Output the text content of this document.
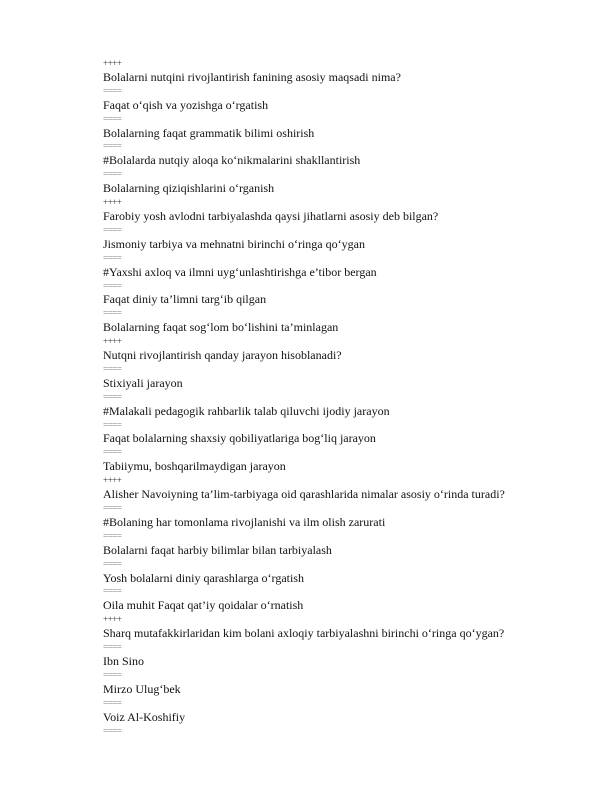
++++
Bolalarni nutqini rivojlantirish fanining asosiy maqsadi nima?
====
Faqat o‘qish va yozishga o‘rgatish
====
Bolalarning faqat grammatik bilimi oshirish
====
#Bolalarda nutqiy aloqa ko‘nikmalarini shakllantirish
====
Bolalarning qiziqishlarini o‘rganish
++++
Farobiy yosh avlodni tarbiyalashda qaysi jihatlarni asosiy deb bilgan?
====
Jismoniy tarbiya va mehnatni birinchi o‘ringa qo‘ygan
====
#Yaxshi axloq va ilmni uyg‘unlashtirishga e’tibor bergan
====
Faqat diniy ta’limni targ‘ib qilgan
====
Bolalarning faqat sog‘lom bo‘lishini ta’minlagan
++++
Nutqni rivojlantirish qanday jarayon hisoblanadi?
====
Stixiyali jarayon
====
#Malakali pedagogik rahbarlik talab qiluvchi ijodiy jarayon
====
Faqat bolalarning shaxsiy qobiliyatlariga bog‘liq jarayon
====
Tabiiymu, boshqarilmaydigan jarayon
++++
Alisher Navoiyning ta’lim-tarbiyaga oid qarashlarida nimalar asosiy o‘rinda turadi?
====
#Bolaning har tomonlama rivojlanishi va ilm olish zarurati
====
Bolalarni faqat harbiy bilimlar bilan tarbiyalash
====
Yosh bolalarni diniy qarashlarga o‘rgatish
====
Oila muhit Faqat qat’iy qoidalar o‘rnatish
++++
Sharq mutafakkirlaridan kim bolani axloqiy tarbiyalashni birinchi o‘ringa qo‘ygan?
====
Ibn Sino
====
Mirzo Ulug‘bek
====
Voiz Al-Koshifiy
====
